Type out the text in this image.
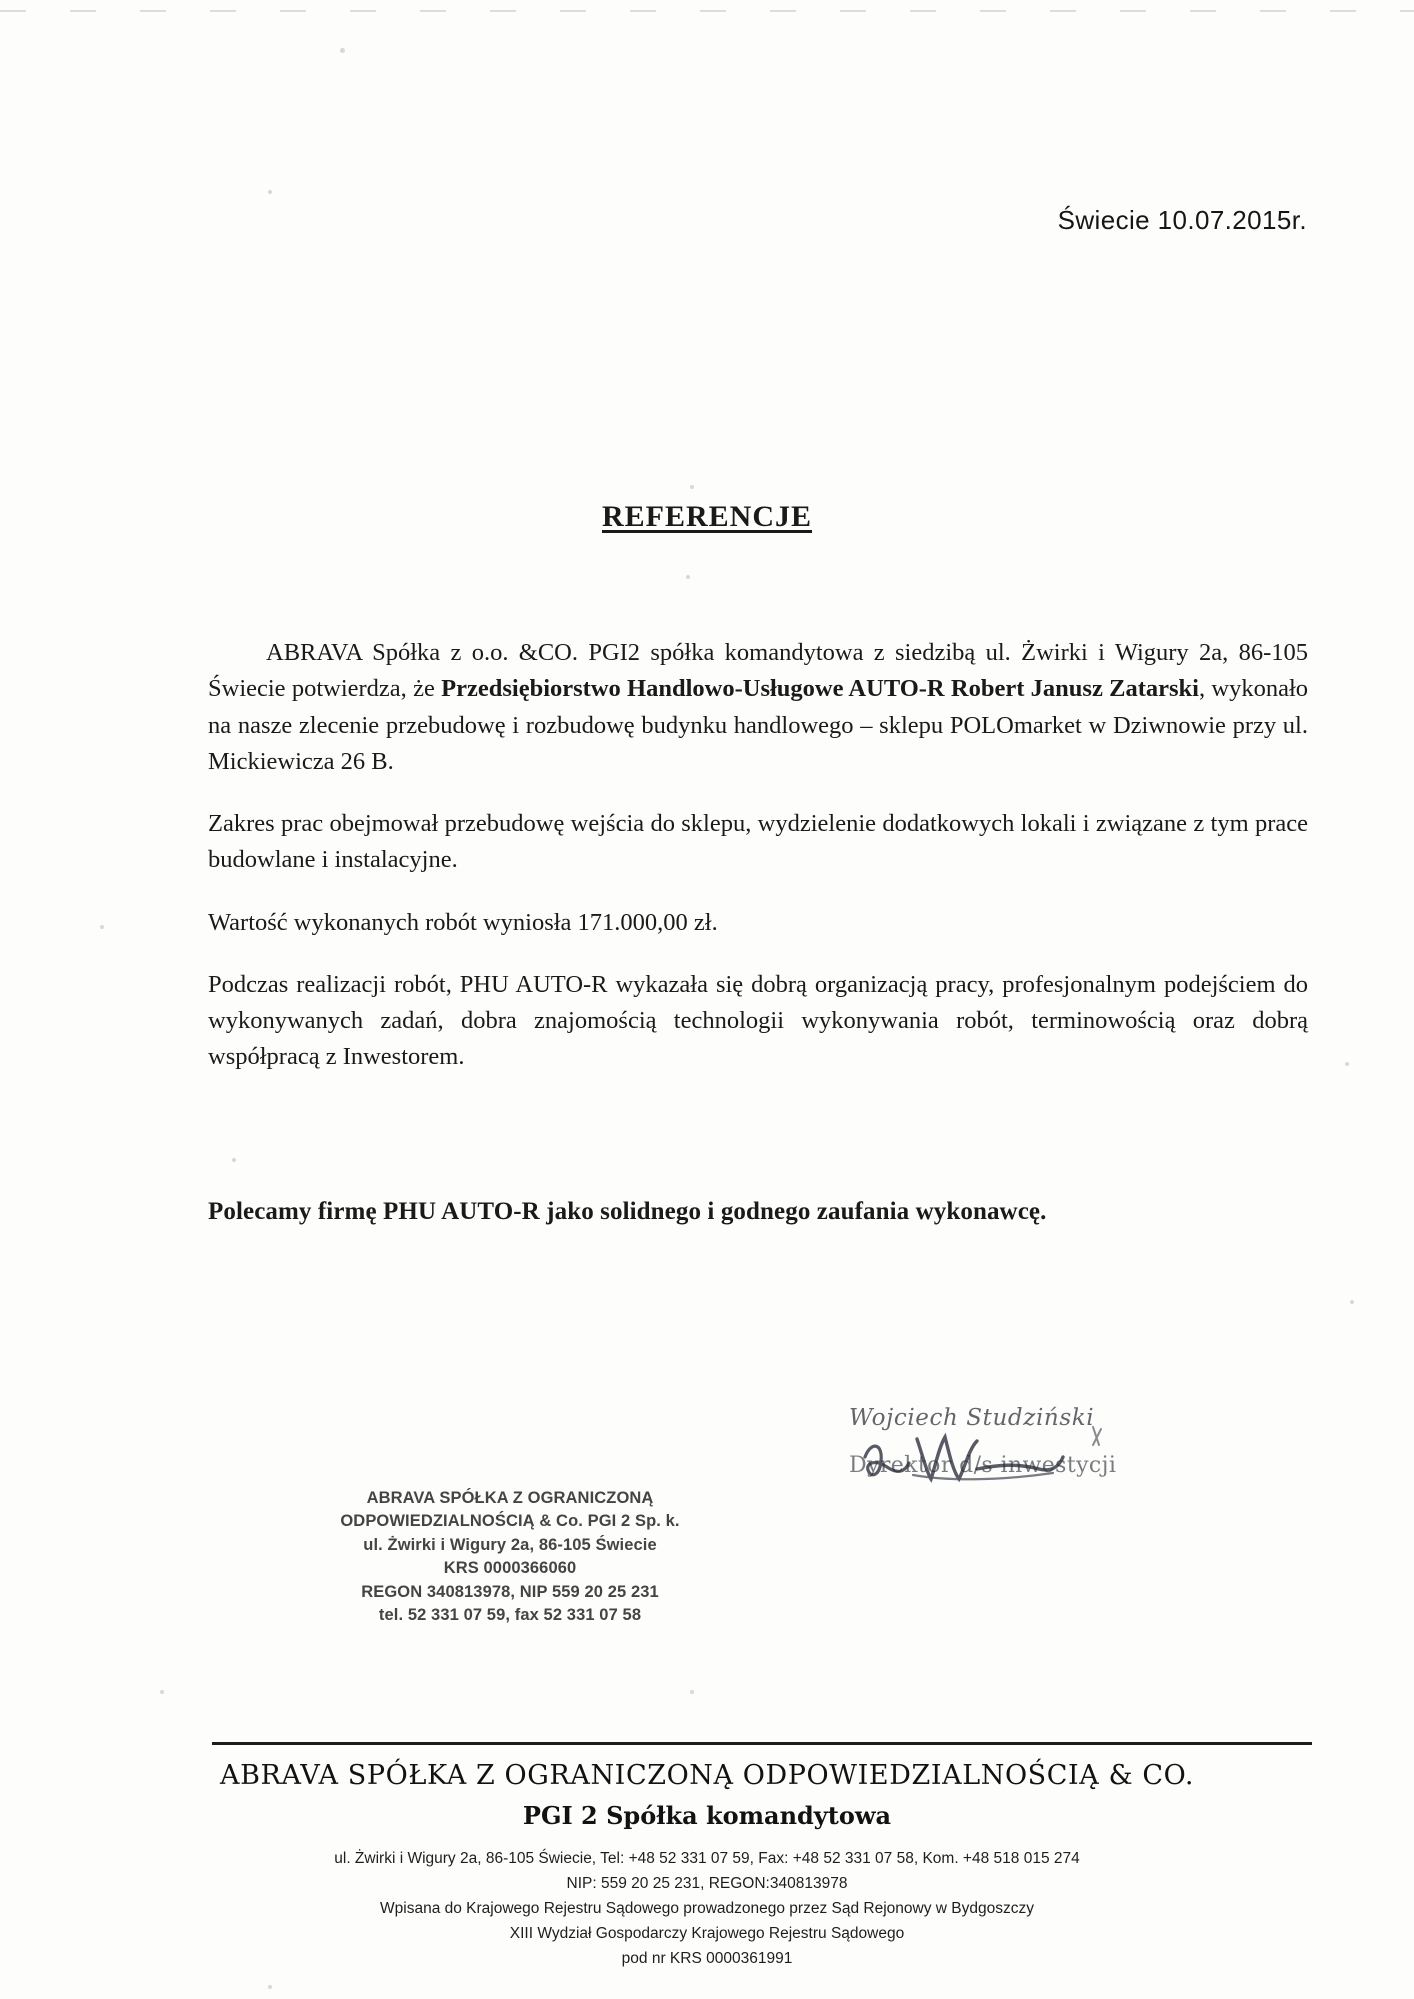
Świecie 10.07.2015r.
REFERENCJE

ABRAVA Spółka z o.o. &CO. PGI2 spółka komandytowa z siedzibą ul. Żwirki i Wigury 2a, 86-105 Świecie potwierdza, że Przedsiębiorstwo Handlowo-Usługowe AUTO-R Robert Janusz Zatarski, wykonało na nasze zlecenie przebudowę i rozbudowę budynku handlowego – sklepu POLOmarket w Dziwnowie przy ul. Mickiewicza 26 B.

Zakres prac obejmował przebudowę wejścia do sklepu, wydzielenie dodatkowych lokali i związane z tym prace budowlane i instalacyjne.

Wartość wykonanych robót wyniosła 171.000,00 zł.

Podczas realizacji robót, PHU AUTO-R wykazała się dobrą organizacją pracy, profesjonalnym podejściem do wykonywanych zadań, dobra znajomością technologii wykonywania robót, terminowością oraz dobrą współpracą z Inwestorem.

Polecamy firmę PHU AUTO-R jako solidnego i godnego zaufania wykonawcę.
Wojciech Studziński
Dyrektor d/s inwestycji
ABRAVA SPÓŁKA Z OGRANICZONĄ
ODPOWIEDZIALNOŚCIĄ & Co. PGI 2 Sp. k.
ul. Żwirki i Wigury 2a, 86-105 Świecie
KRS 0000366060
REGON 340813978, NIP 559 20 25 231
tel. 52 331 07 59, fax 52 331 07 58
ABRAVA SPÓŁKA Z OGRANICZONĄ ODPOWIEDZIALNOŚCIĄ & CO.
PGI 2 Spółka komandytowa
ul. Żwirki i Wigury 2a, 86-105 Świecie, Tel: +48 52 331 07 59, Fax: +48 52 331 07 58, Kom. +48 518 015 274
NIP: 559 20 25 231, REGON:340813978
Wpisana do Krajowego Rejestru Sądowego prowadzonego przez Sąd Rejonowy w Bydgoszczy
XIII Wydział Gospodarczy Krajowego Rejestru Sądowego
pod nr KRS 0000361991
